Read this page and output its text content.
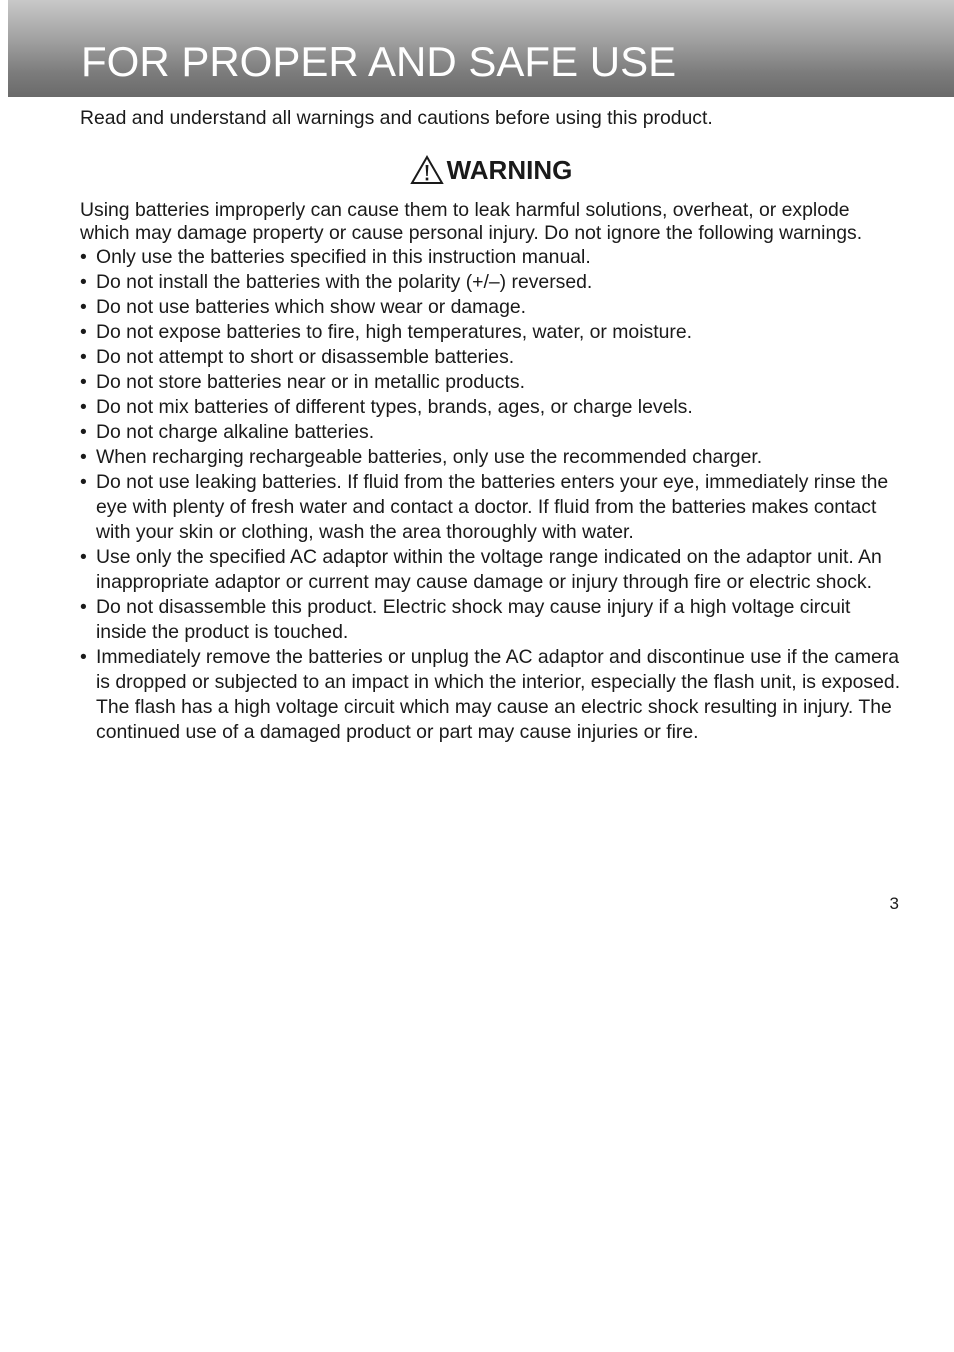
FOR PROPER AND SAFE USE

Read and understand all warnings and cautions before using this product.

WARNING

Using batteries improperly can cause them to leak harmful solutions, overheat, or explode which may damage property or cause personal injury. Do not ignore the following warnings.

• Only use the batteries specified in this instruction manual.
• Do not install the batteries with the polarity (+/–) reversed.
• Do not use batteries which show wear or damage.
• Do not expose batteries to fire, high temperatures, water, or moisture.
• Do not attempt to short or disassemble batteries.
• Do not store batteries near or in metallic products.
• Do not mix batteries of different types, brands, ages, or charge levels.
• Do not charge alkaline batteries.
• When recharging rechargeable batteries, only use the recommended charger.
• Do not use leaking batteries. If fluid from the batteries enters your eye, immediately rinse the eye with plenty of fresh water and contact a doctor. If fluid from the batteries makes contact with your skin or clothing, wash the area thoroughly with water.
• Use only the specified AC adaptor within the voltage range indicated on the adaptor unit. An inappropriate adaptor or current may cause damage or injury through fire or electric shock.
• Do not disassemble this product. Electric shock may cause injury if a high voltage circuit inside the product is touched.
• Immediately remove the batteries or unplug the AC adaptor and discontinue use if the camera is dropped or subjected to an impact in which the interior, especially the flash unit, is exposed. The flash has a high voltage circuit which may cause an electric shock resulting in injury. The continued use of a damaged product or part may cause injuries or fire.
3
